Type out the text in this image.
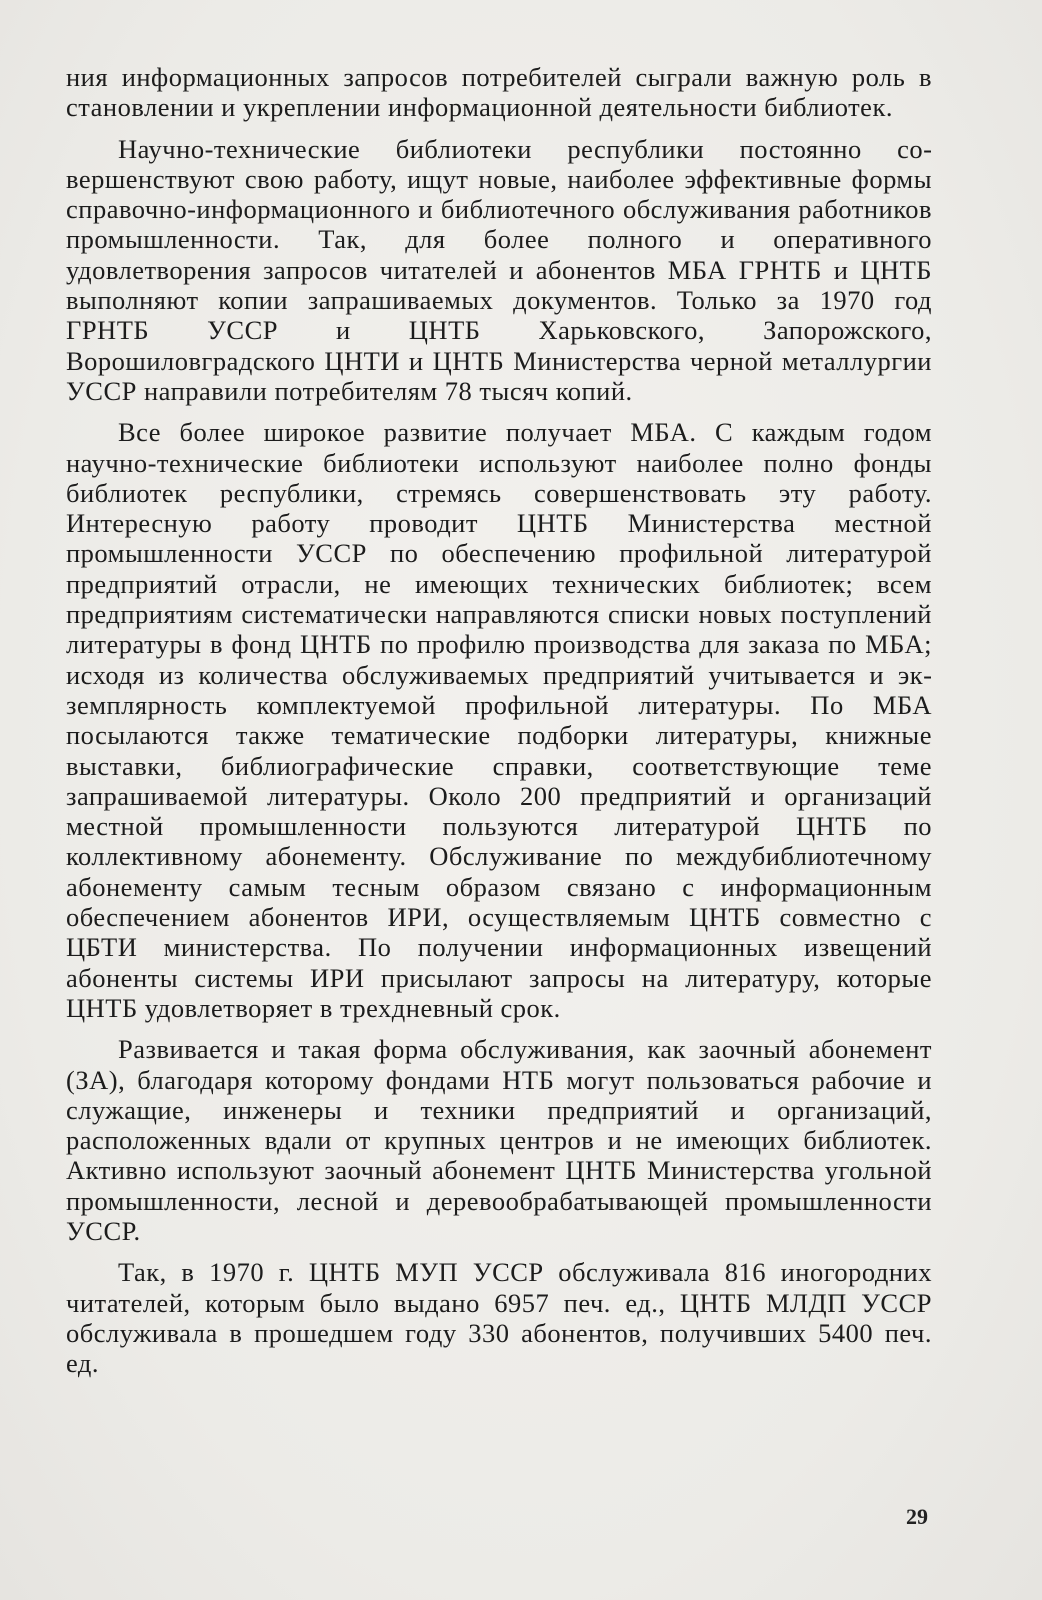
ния информационных запросов потребителей сыграли важную роль в становлении и укреплении информационной деятельности библиотек.

Научно-технические библиотеки республики постоянно совершенствуют свою работу, ищут новые, наиболее эффективные формы справочно-информационного и библиотечного обслуживания работников промышленности. Так, для более полного и оперативного удовлетворения запросов читателей и абонентов МБА ГРНТБ и ЦНТБ выполняют копии запрашиваемых документов. Только за 1970 год ГРНТБ УССР и ЦНТБ Харьковского, Запорожского, Ворошиловградского ЦНТИ и ЦНТБ Министерства черной металлургии УССР направили потребителям 78 тысяч копий.

Все более широкое развитие получает МБА. С каждым годом научно-технические библиотеки используют наиболее полно фонды библиотек республики, стремясь совершенствовать эту работу. Интересную работу проводит ЦНТБ Министерства местной промышленности УССР по обеспечению профильной литературой предприятий отрасли, не имеющих технических библиотек; всем предприятиям систематически направляются списки новых поступлений литературы в фонд ЦНТБ по профилю производства для заказа по МБА; исходя из количества обслуживаемых предприятий учитывается и экземплярность комплектуемой профильной литературы. По МБА посылаются также тематические подборки литературы, книжные выставки, библиографические справки, соответствующие теме запрашиваемой литературы. Около 200 предприятий и организаций местной промышленности пользуются литературой ЦНТБ по коллективному абонементу. Обслуживание по междубиблиотечному абонементу самым тесным образом связано с информационным обеспечением абонентов ИРИ, осуществляемым ЦНТБ совместно с ЦБТИ министерства. По получении информационных извещений абоненты системы ИРИ присылают запросы на литературу, которые ЦНТБ удовлетворяет в трехдневный срок.

Развивается и такая форма обслуживания, как заочный абонемент (ЗА), благодаря которому фондами НТБ могут пользоваться рабочие и служащие, инженеры и техники предприятий и организаций, расположенных вдали от крупных центров и не имеющих библиотек. Активно используют заочный абонемент ЦНТБ Министерства угольной промышленности, лесной и деревообрабатывающей промышленности УССР.

Так, в 1970 г. ЦНТБ МУП УССР обслуживала 816 иногородних читателей, которым было выдано 6957 печ. ед., ЦНТБ МЛДП УССР обслуживала в прошедшем году 330 абонентов, получивших 5400 печ. ед.

29
